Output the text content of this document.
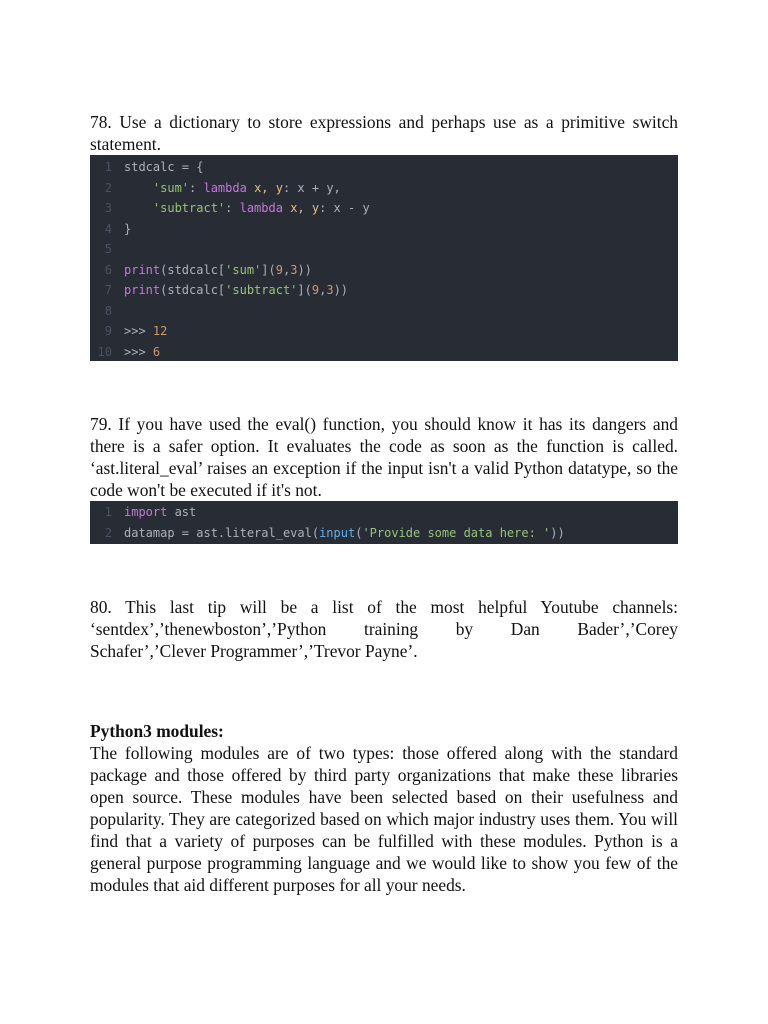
78. Use a dictionary to store expressions and perhaps use as a primitive switch statement.

1	stdcalc = {
2
	'sum' : lambda x, y : x + y,
3
	'subtract' : lambda x, y : x - y
4	}
5
6	print (stdcalc[ 'sum' ]( 9 , 3 ))
7	print (stdcalc[ 'subtract' ]( 9 , 3 ))
8
9	>>> 12
10	>>> 6

79. If you have used the eval() function, you should know it has its dangers and there is a safer option. It evaluates the code as soon as the function is called. ‘ast.literal_eval’ raises an exception if the input isn't a valid Python datatype, so the code won't be executed if it's not.

1	import ast
2	datamap = ast.literal_eval( input ( 'Provide some data here: ' ))
80. This last tip will be a list of the most helpful Youtube channels:
‘sentdex’,’thenewboston’,’Python training by Dan Bader’,’Corey
Schafer’,’Clever Programmer’,’Trevor Payne’.

Python3 modules:

The following modules are of two types: those offered along with the standard package and those offered by third party organizations that make these libraries open source. These modules have been selected based on their usefulness and popularity. They are categorized based on which major industry uses them. You will find that a variety of purposes can be fulfilled with these modules. Python is a general purpose programming language and we would like to show you few of the modules that aid different purposes for all your needs.
